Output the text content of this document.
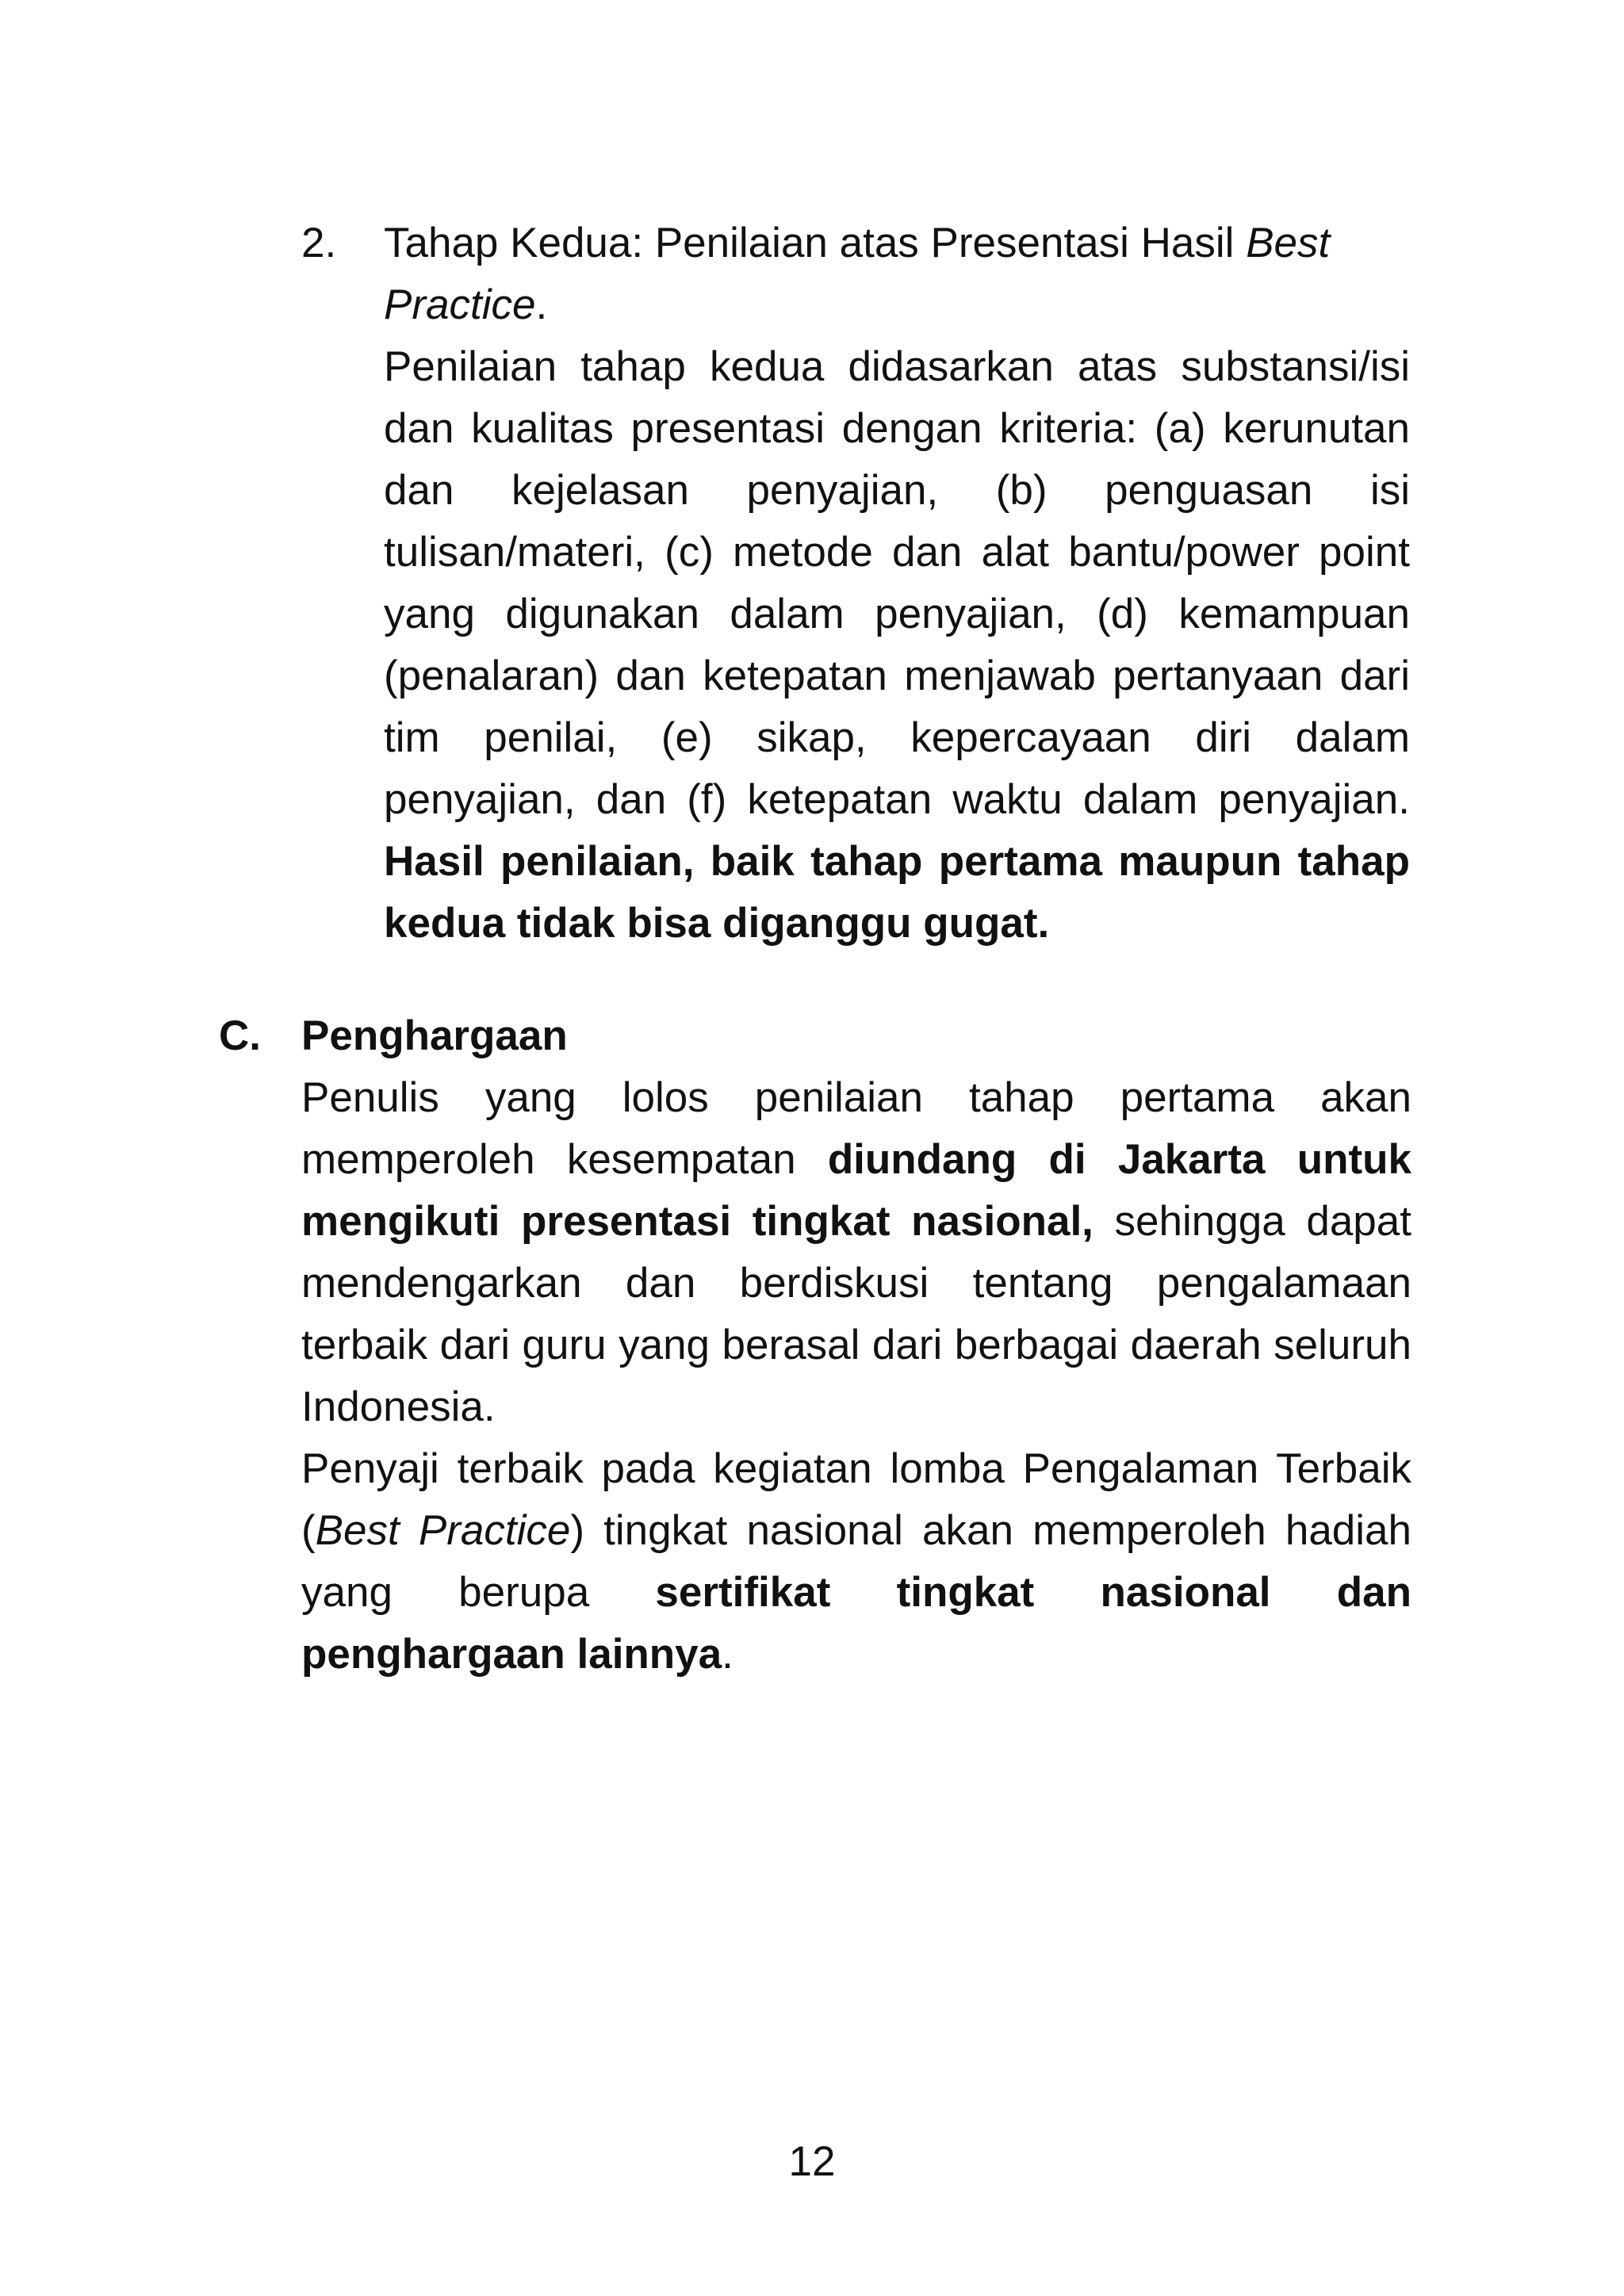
2. Tahap Kedua: Penilaian atas Presentasi Hasil Best Practice.

Penilaian tahap kedua didasarkan atas substansi/isi dan kualitas presentasi dengan kriteria: (a) kerunutan dan kejelasan penyajian, (b) penguasan isi tulisan/materi, (c) metode dan alat bantu/power point yang digunakan dalam penyajian, (d) kemampuan (penalaran) dan ketepatan menjawab pertanyaan dari tim penilai, (e) sikap, kepercayaan diri dalam penyajian, dan (f) ketepatan waktu dalam penyajian. Hasil penilaian, baik tahap pertama maupun tahap kedua tidak bisa diganggu gugat.

C. Penghargaan

Penulis yang lolos penilaian tahap pertama akan memperoleh kesempatan diundang di Jakarta untuk mengikuti presentasi tingkat nasional, sehingga dapat mendengarkan dan berdiskusi tentang pengalamaan terbaik dari guru yang berasal dari berbagai daerah seluruh Indonesia.

Penyaji terbaik pada kegiatan lomba Pengalaman Terbaik (Best Practice) tingkat nasional akan memperoleh hadiah yang berupa sertifikat tingkat nasional dan penghargaan lainnya.

12
